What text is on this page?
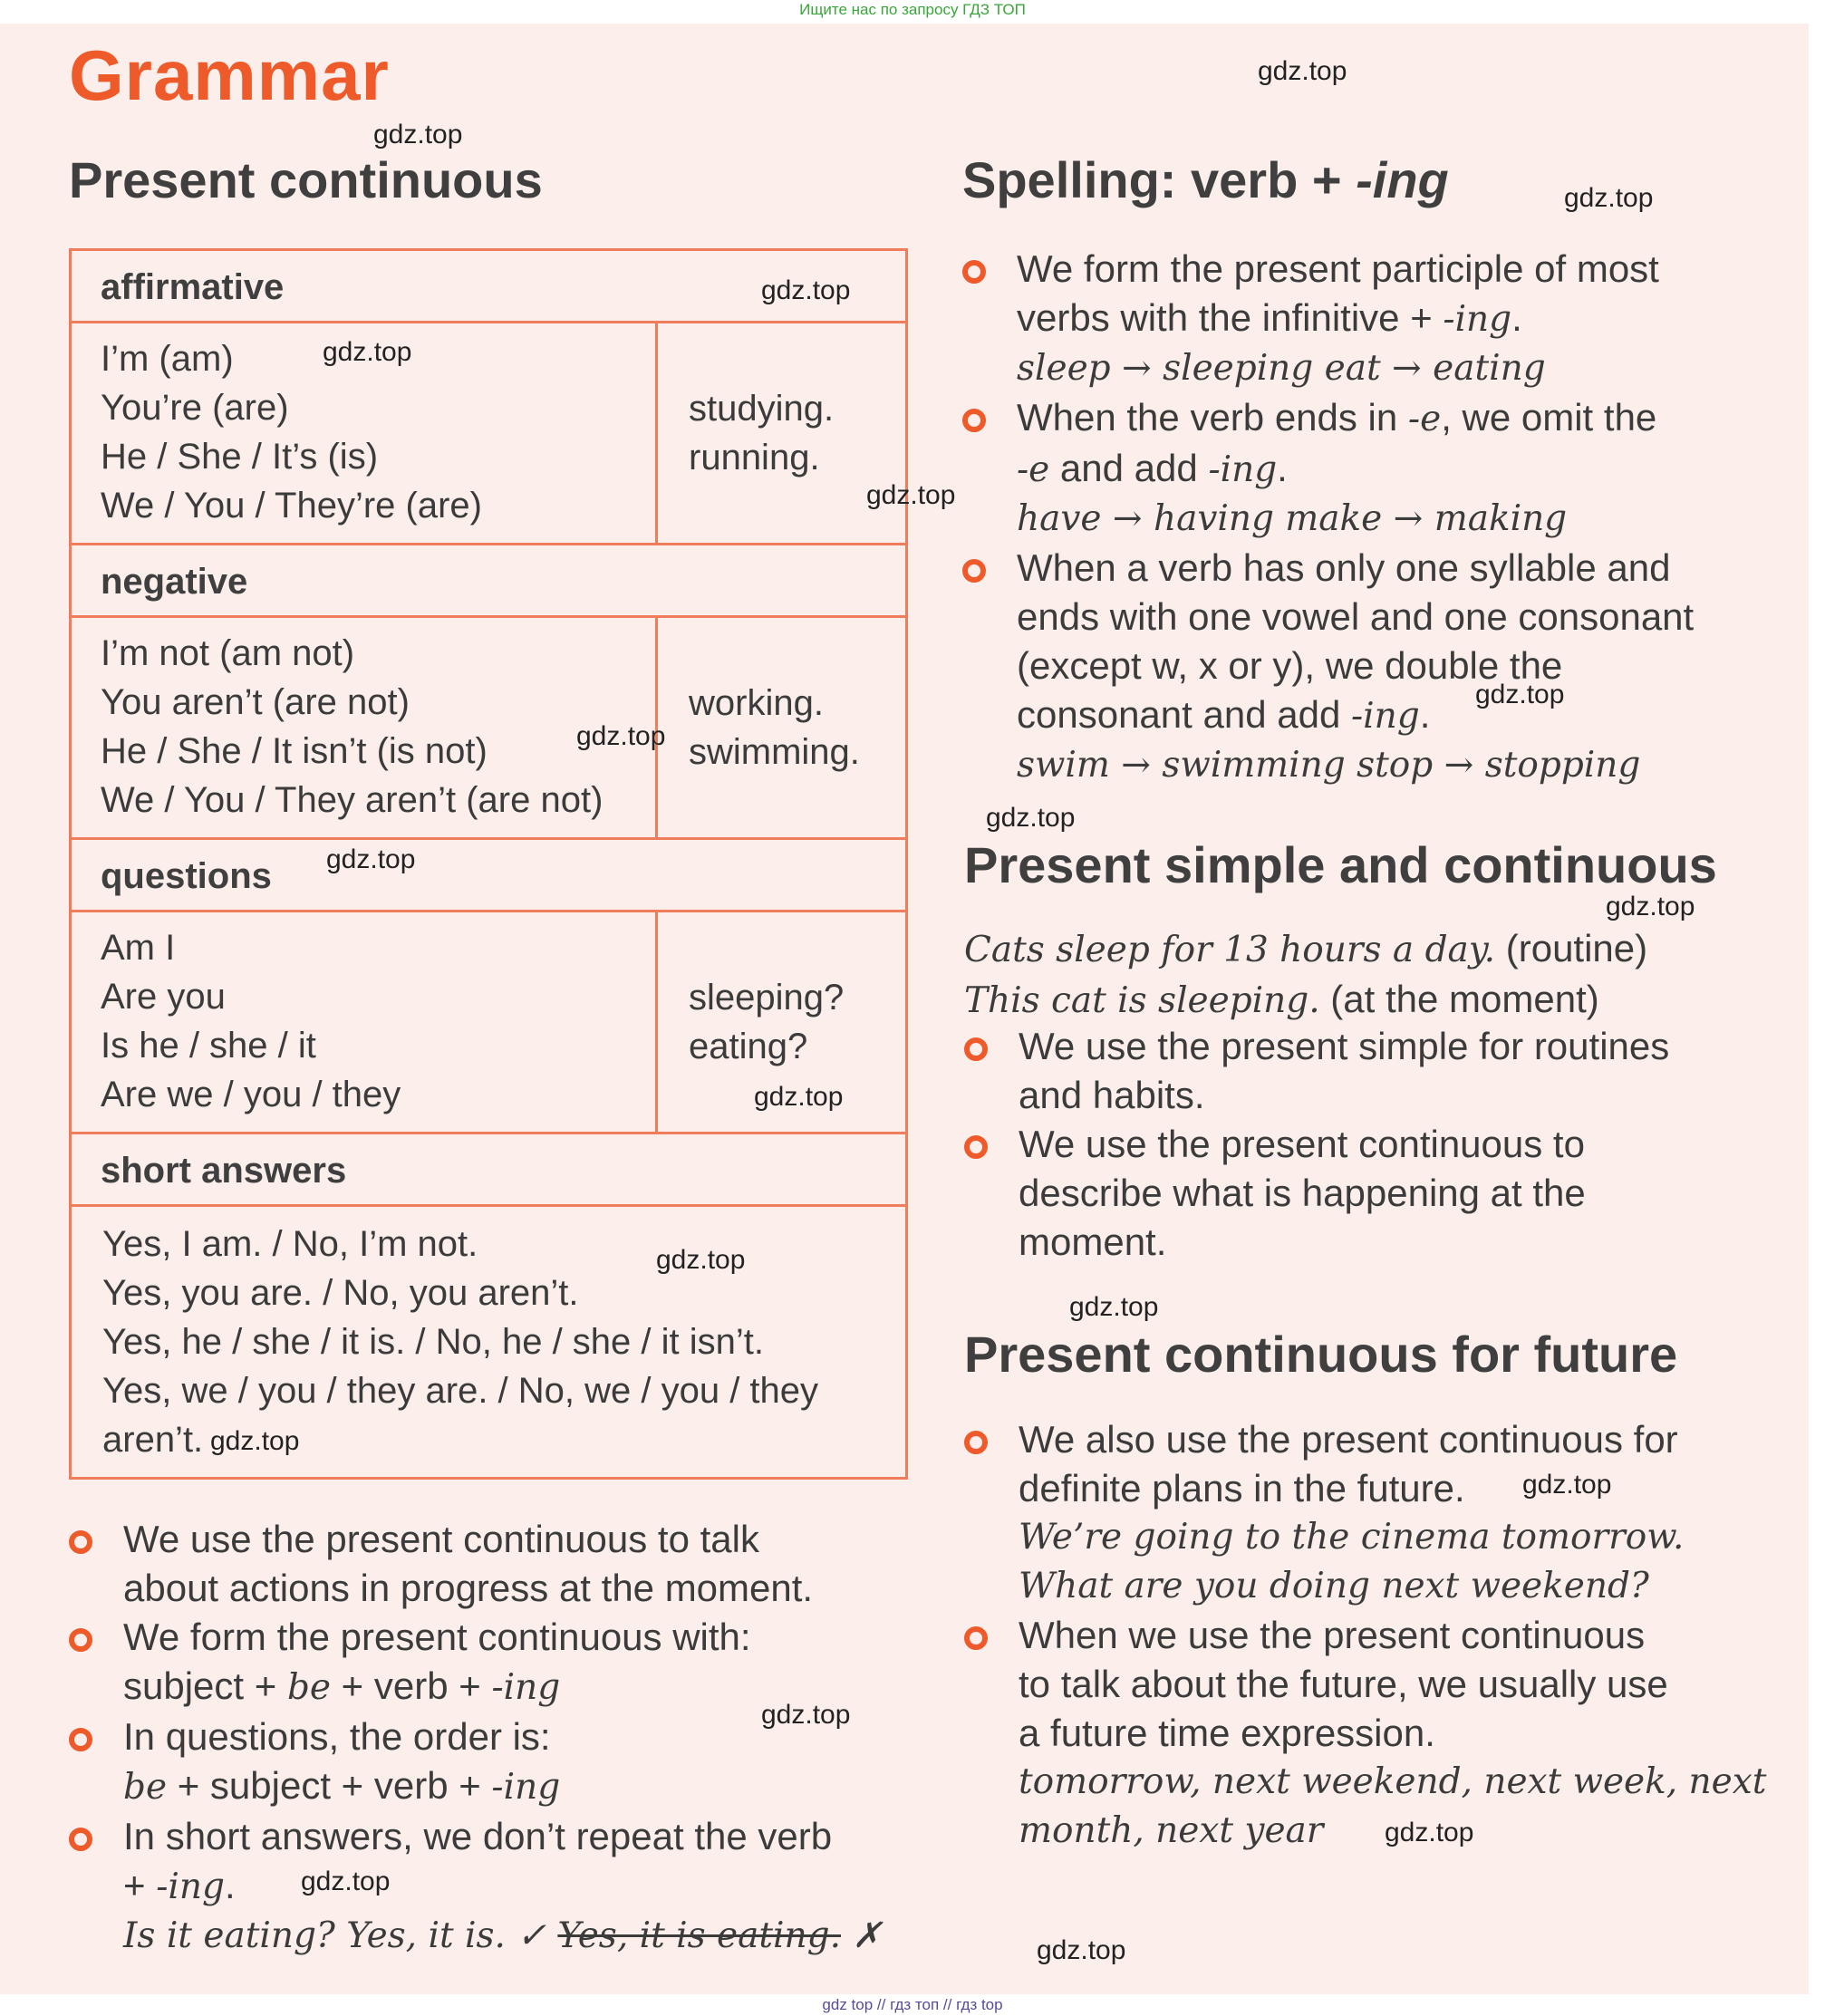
Ищите нас по запросу ГДЗ ТОП
Grammar
Present continuous
affirmative
I’m (am)
You’re (are)
He / She / It’s (is)
We / You / They’re (are)
studying.
running.
negative
I’m not (am not)
You aren’t (are not)
He / She / It isn’t (is not)
We / You / They aren’t (are not)
working.
swimming.
questions
Am I
Are you
Is he / she / it
Are we / you / they
sleeping?
eating?
short answers
Yes, I am. / No, I’m not.
Yes, you are. / No, you aren’t.
Yes, he / she / it is. / No, he / she / it isn’t.
Yes, we / you / they are. / No, we / you / they
aren’t.
We use the present continuous to talk
about actions in progress at the moment.
We form the present continuous with:
subject + be + verb + -ing
In questions, the order is:
be + subject + verb + -ing
In short answers, we don’t repeat the verb
+ -ing.
Is it eating? Yes, it is. ✓ Yes, it is eating. ✗
Spelling: verb + -ing
We form the present participle of most
verbs with the infinitive + -ing.
sleep → sleeping eat → eating
When the verb ends in -e, we omit the
-e and add -ing.
have → having make → making
When a verb has only one syllable and
ends with one vowel and one consonant
(except w, x or y), we double the
consonant and add -ing.
swim → swimming stop → stopping
Present simple and continuous
Cats sleep for 13 hours a day. (routine)
This cat is sleeping. (at the moment)
We use the present simple for routines
and habits.
We use the present continuous to
describe what is happening at the
moment.
Present continuous for future
We also use the present continuous for
definite plans in the future.
We’re going to the cinema tomorrow.
What are you doing next weekend?
When we use the present continuous
to talk about the future, we usually use
a future time expression.
tomorrow, next weekend, next week, next
month, next year
gdz.top
gdz.top
gdz.top
gdz.top
gdz.top
gdz.top
gdz.top
gdz.top
gdz.top
gdz.top
gdz.top
gdz.top
gdz.top
gdz.top
gdz.top
gdz.top
gdz.top
gdz.top
gdz.top
gdz.top
gdz top // гдз топ // гдз top
